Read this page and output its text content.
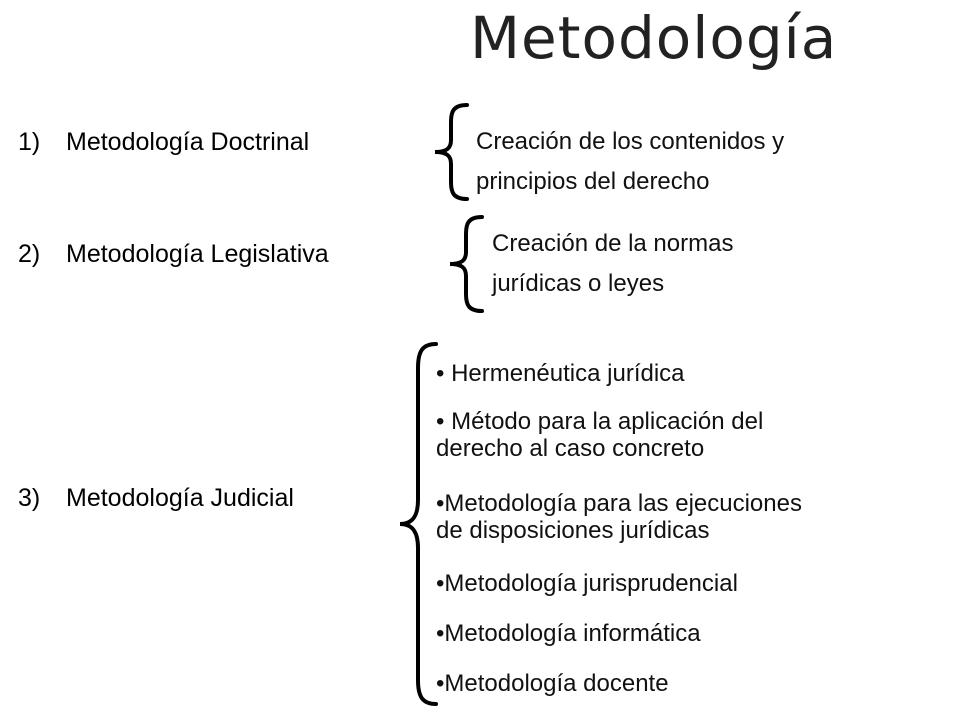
Metodología
1) Metodología Doctrinal
2) Metodología Legislativa
3) Metodología Judicial
Creación de los contenidos y
principios del derecho
Creación de la normas
jurídicas o leyes
• Hermenéutica jurídica
• Método para la aplicación del
derecho al caso concreto
•Metodología para las ejecuciones
de disposiciones jurídicas
•Metodología jurisprudencial
•Metodología informática
•Metodología docente
